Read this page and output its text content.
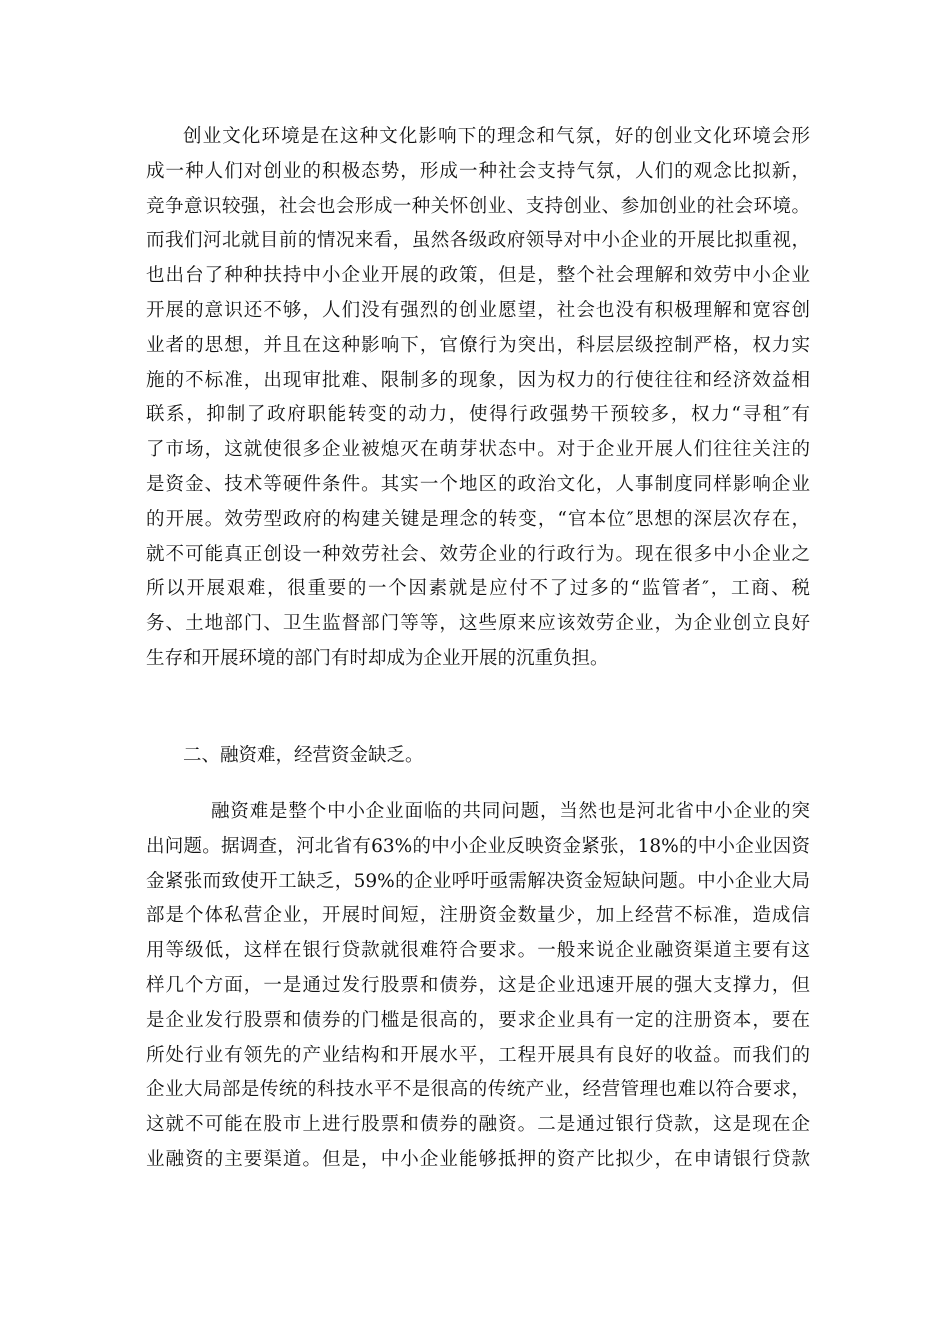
创业文化环境是在这种文化影响下的理念和气氛，好的创业文化环境会形
成一种人们对创业的积极态势，形成一种社会支持气氛，人们的观念比拟新，
竞争意识较强，社会也会形成一种关怀创业、支持创业、参加创业的社会环境。
而我们河北就目前的情况来看，虽然各级政府领导对中小企业的开展比拟重视，
也出台了种种扶持中小企业开展的政策，但是，整个社会理解和效劳中小企业
开展的意识还不够，人们没有强烈的创业愿望，社会也没有积极理解和宽容创
业者的思想，并且在这种影响下，官僚行为突出，科层层级控制严格，权力实
施的不标准，出现审批难、限制多的现象，因为权力的行使往往和经济效益相
联系，抑制了政府职能转变的动力，使得行政强势干预较多，权力“寻租″有
了市场，这就使很多企业被熄灭在萌芽状态中。对于企业开展人们往往关注的
是资金、技术等硬件条件。其实一个地区的政治文化，人事制度同样影响企业
的开展。效劳型政府的构建关键是理念的转变，“官本位″思想的深层次存在，
就不可能真正创设一种效劳社会、效劳企业的行政行为。现在很多中小企业之
所以开展艰难，很重要的一个因素就是应付不了过多的“监管者″，工商、税
务、土地部门、卫生监督部门等等，这些原来应该效劳企业，为企业创立良好
生存和开展环境的部门有时却成为企业开展的沉重负担。
二、融资难，经营资金缺乏。
融资难是整个中小企业面临的共同问题，当然也是河北省中小企业的突
出问题。据调查，河北省有63%的中小企业反映资金紧张，18%的中小企业因资
金紧张而致使开工缺乏，59%的企业呼吁亟需解决资金短缺问题。中小企业大局
部是个体私营企业，开展时间短，注册资金数量少，加上经营不标准，造成信
用等级低，这样在银行贷款就很难符合要求。一般来说企业融资渠道主要有这
样几个方面，一是通过发行股票和债券，这是企业迅速开展的强大支撑力，但
是企业发行股票和债券的门槛是很高的，要求企业具有一定的注册资本，要在
所处行业有领先的产业结构和开展水平，工程开展具有良好的收益。而我们的
企业大局部是传统的科技水平不是很高的传统产业，经营管理也难以符合要求，
这就不可能在股市上进行股票和债券的融资。二是通过银行贷款，这是现在企
业融资的主要渠道。但是，中小企业能够抵押的资产比拟少，在申请银行贷款
